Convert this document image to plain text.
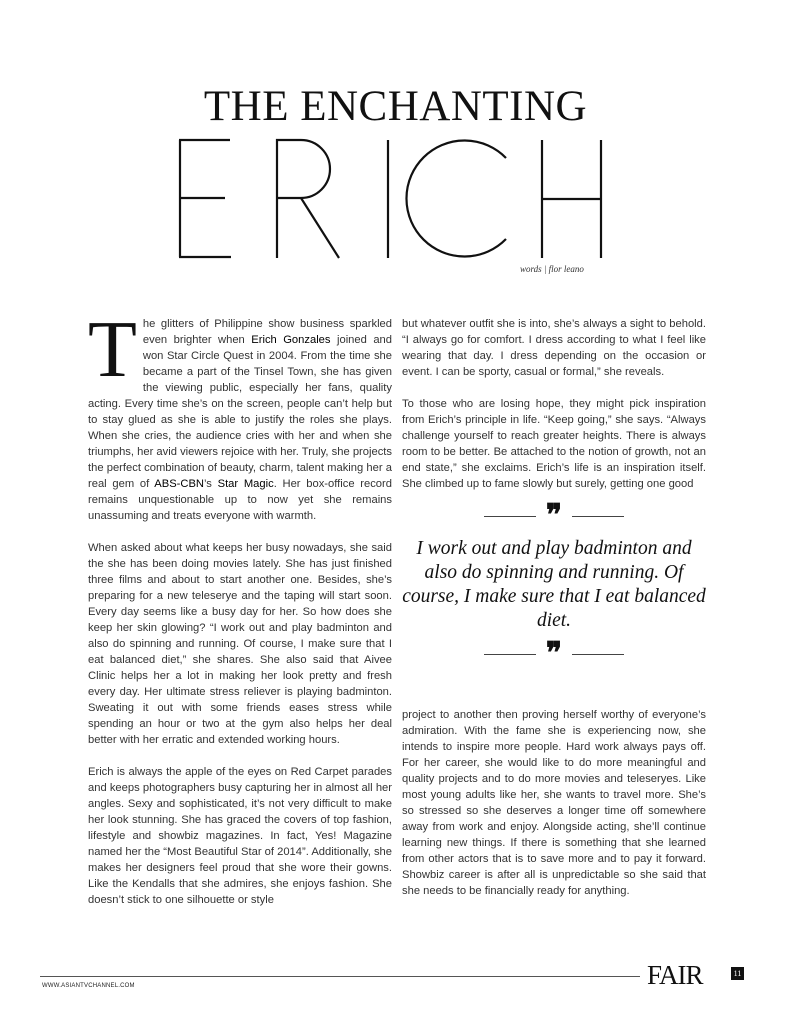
THE ENCHANTING
words | flor leano

The glitters of Philippine show business sparkled even brighter when Erich Gonzales joined and won Star Circle Quest in 2004. From the time she became a part of the Tinsel Town, she has given the viewing public, especially her fans, quality acting. Every time she’s on the screen, people can’t help but to stay glued as she is able to justify the roles she plays. When she cries, the audience cries with her and when she triumphs, her avid viewers rejoice with her. Truly, she projects the perfect combination of beauty, charm, talent making her a real gem of ABS-CBN’s Star Magic. Her box-office record remains unquestionable up to now yet she remains unassuming and treats everyone with warmth.

When asked about what keeps her busy nowadays, she said the she has been doing movies lately. She has just finished three films and about to start another one. Besides, she’s preparing for a new teleserye and the taping will start soon. Every day seems like a busy day for her. So how does she keep her skin glowing? “I work out and play badminton and also do spinning and running. Of course, I make sure that I eat balanced diet,” she shares. She also said that Aivee Clinic helps her a lot in making her look pretty and fresh every day. Her ultimate stress reliever is playing badminton. Sweating it out with some friends eases stress while spending an hour or two at the gym also helps her deal better with her erratic and extended working hours.

Erich is always the apple of the eyes on Red Carpet parades and keeps photographers busy capturing her in almost all her angles. Sexy and sophisticated, it’s not very difficult to make her look stunning. She has graced the covers of top fashion, lifestyle and showbiz magazines. In fact, Yes! Magazine named her the “Most Beautiful Star of 2014”. Additionally, she makes her designers feel proud that she wore their gowns. Like the Kendalls that she admires, she enjoys fashion. She doesn’t stick to one silhouette or style

but whatever outfit she is into, she’s always a sight to behold. “I always go for comfort. I dress according to what I feel like wearing that day. I dress depending on the occasion or event. I can be sporty, casual or formal,” she reveals.

To those who are losing hope, they might pick inspiration from Erich’s principle in life. “Keep going,” she says. “Always challenge yourself to reach greater heights. There is always room to be better. Be attached to the notion of growth, not an end state,” she exclaims. Erich’s life is an inspiration itself. She climbed up to fame slowly but surely, getting one good

❞
I work out and play badminton and also do spinning and running. Of course, I make sure that I eat balanced diet.
❞

project to another then proving herself worthy of everyone’s admiration. With the fame she is experiencing now, she intends to inspire more people. Hard work always pays off. For her career, she would like to do more meaningful and quality projects and to do more movies and teleseryes. Like most young adults like her, she wants to travel more. She’s so stressed so she deserves a longer time off somewhere away from work and enjoy. Alongside acting, she’ll continue learning new things. If there is something that she learned from other actors that is to save more and to pay it forward. Showbiz career is after all is unpredictable so she said that she needs to be financially ready for anything.

WWW.ASIANTVCHANNEL.COM	FAIR	11
